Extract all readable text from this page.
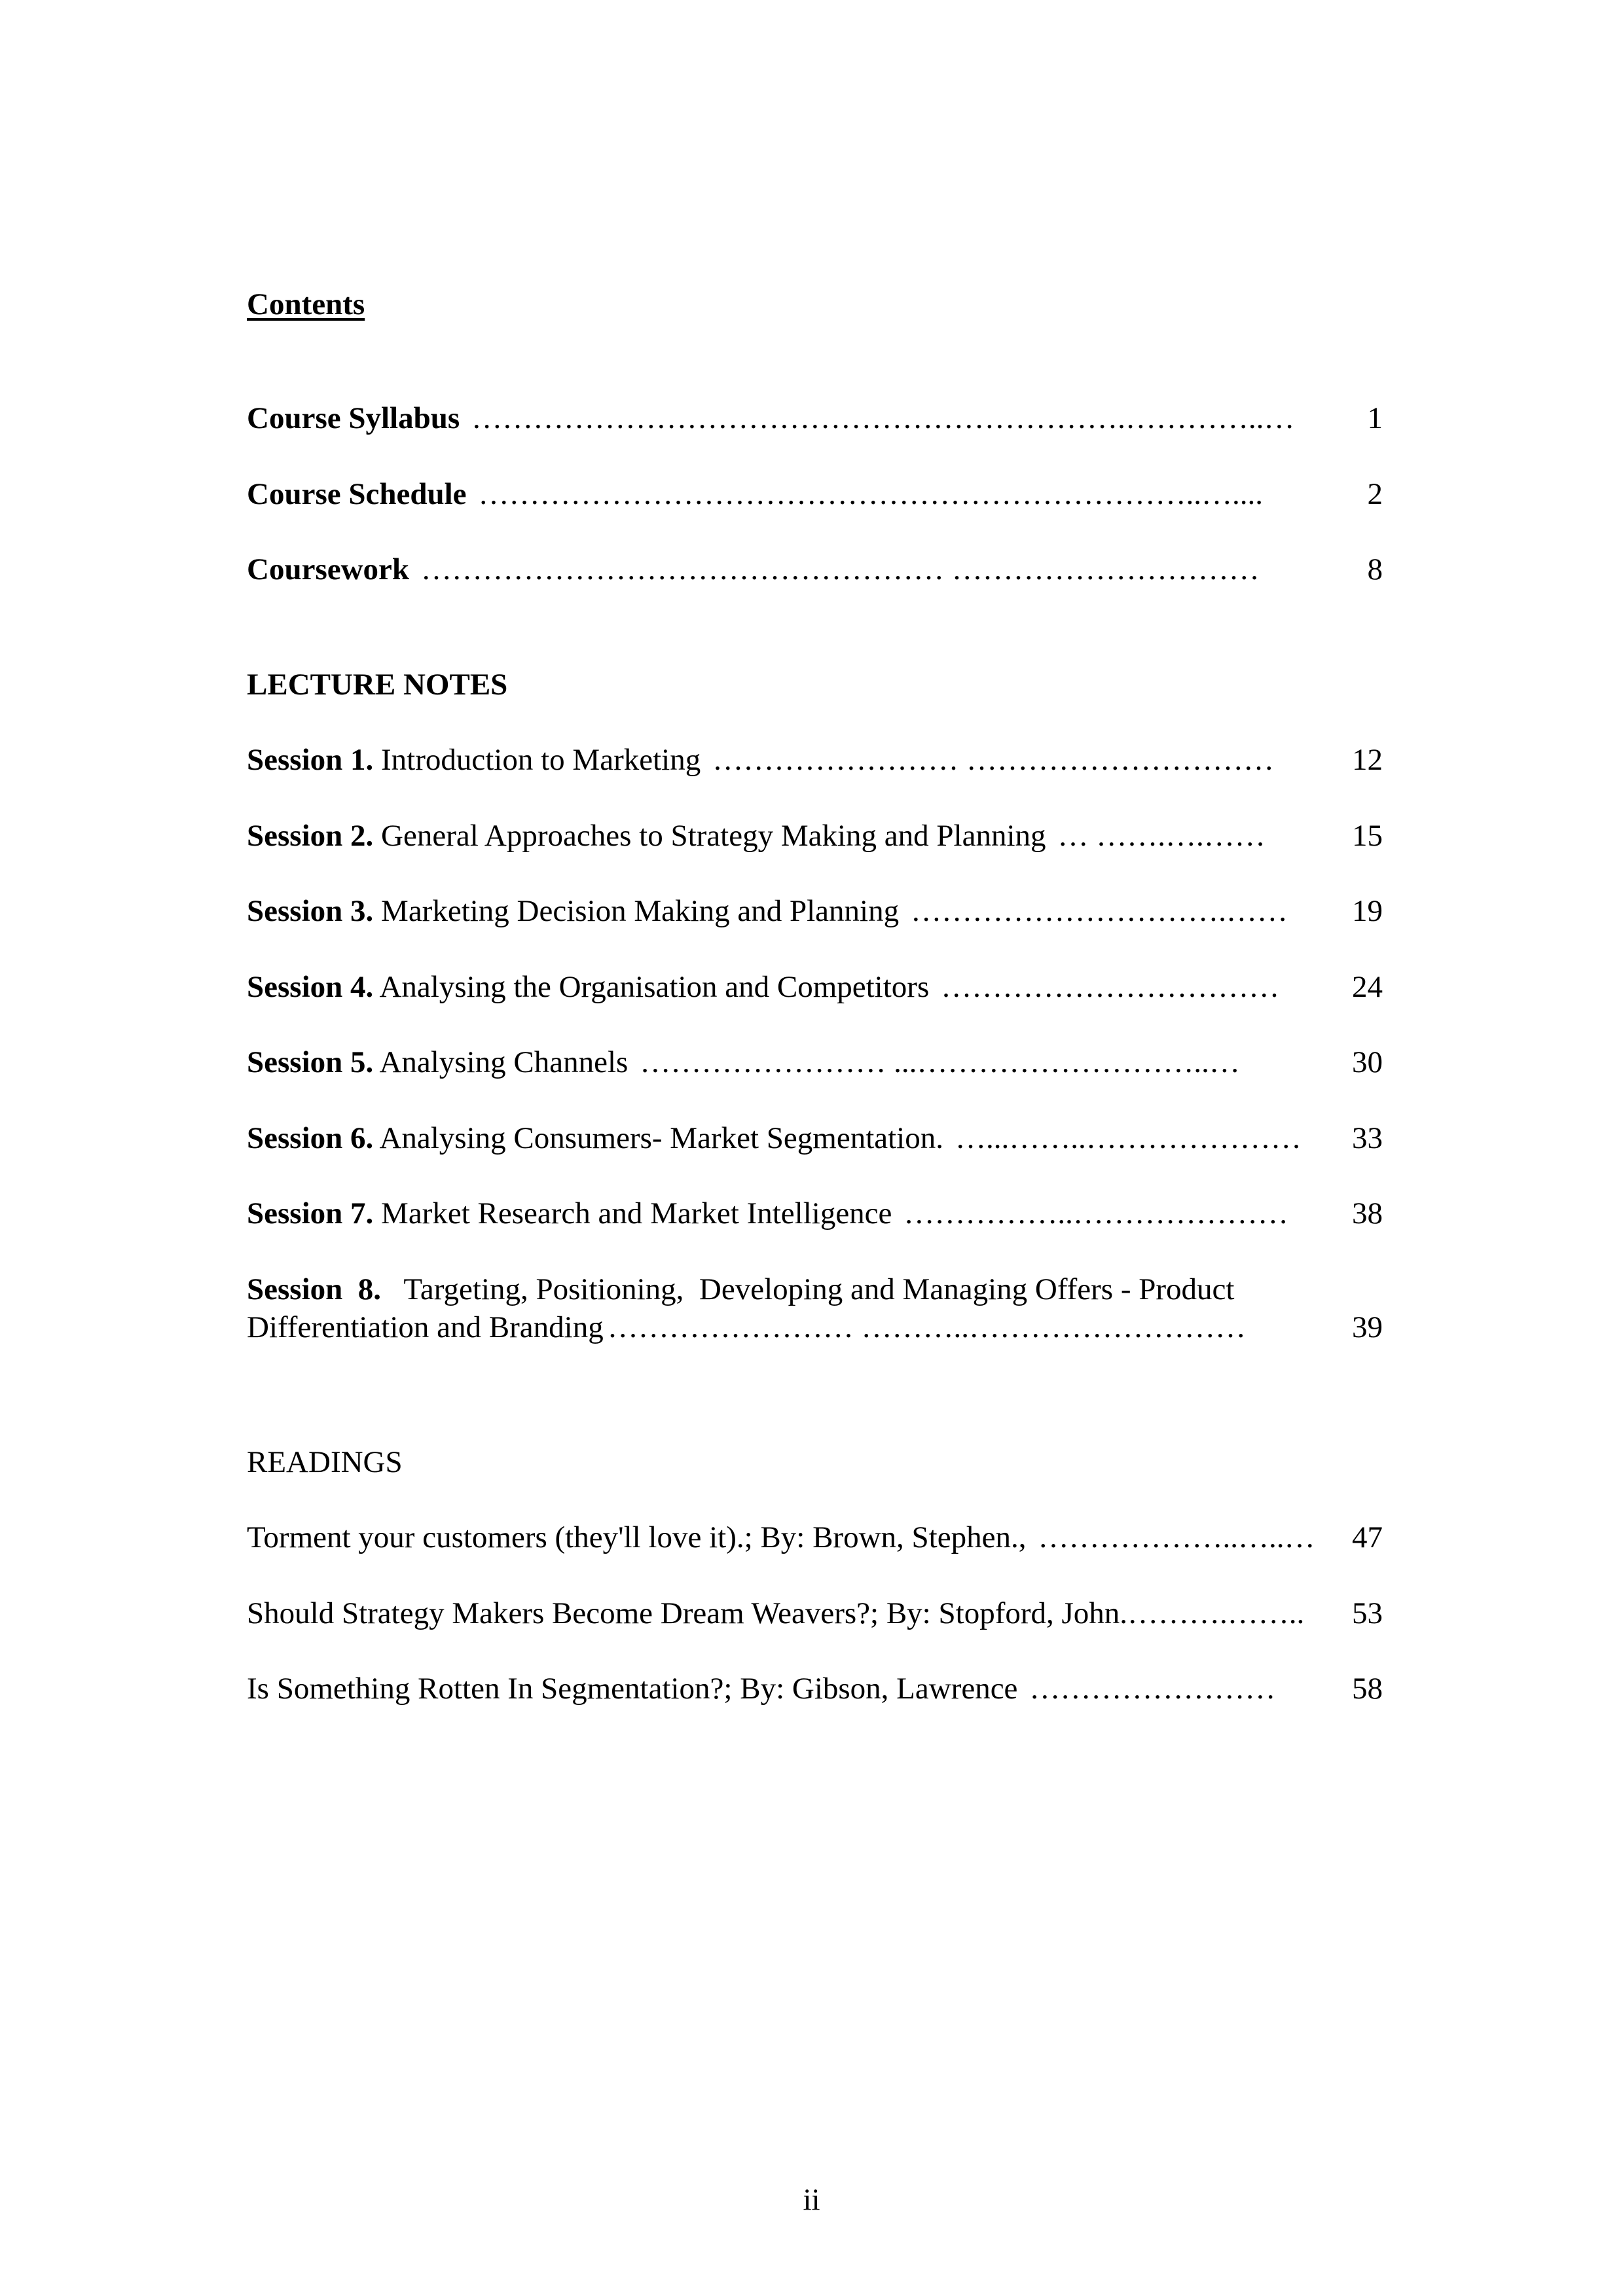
Contents

Course Syllabus ……………………………………………………….…………..…	1
Course Schedule ……………………………………………………………..…....	2
Coursework …………………………………………… …………………………	8
LECTURE NOTES
Session 1. Introduction to Marketing …………………… …………………………	12
Session 2. General Approaches to Strategy Making and Planning … …….….……	15
Session 3. Marketing Decision Making and Planning ………………………….……	19
Session 4. Analysing the Organisation and Competitors ……………………………	24
Session 5. Analysing Channels …………………… ...………………………..…	30
Session 6. Analysing Consumers- Market Segmentation. …...……..…………………	33
Session 7. Market Research and Market Intelligence ……………..…………………	38
Session  8.   Targeting, Positioning,  Developing and Managing Offers - Product
Differentiation and Branding …………………… ………..………………………	39
READINGS
Torment your customers (they'll love it).; By: Brown, Stephen., ………………..…..…	47
Should Strategy Makers Become Dream Weavers?; By: Stopford, John. ……….……..	53
Is Something Rotten In Segmentation?; By: Gibson, Lawrence ……………………	58
ii
